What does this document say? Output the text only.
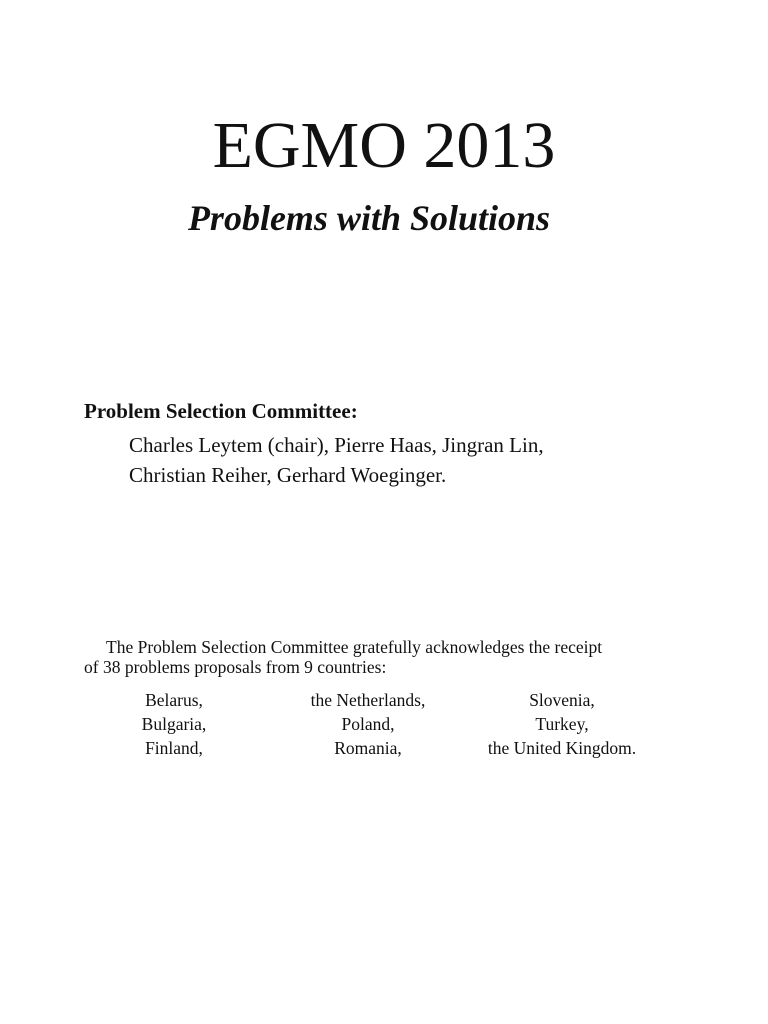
EGMO 2013
Problems with Solutions
Problem Selection Committee:
Charles Leytem (chair), Pierre Haas, Jingran Lin,
Christian Reiher, Gerhard Woeginger.
The Problem Selection Committee gratefully acknowledges the receipt
of 38 problems proposals from 9 countries:
Belarus,
Bulgaria,
Finland,
the Netherlands,
Poland,
Romania,
Slovenia,
Turkey,
the United Kingdom.
